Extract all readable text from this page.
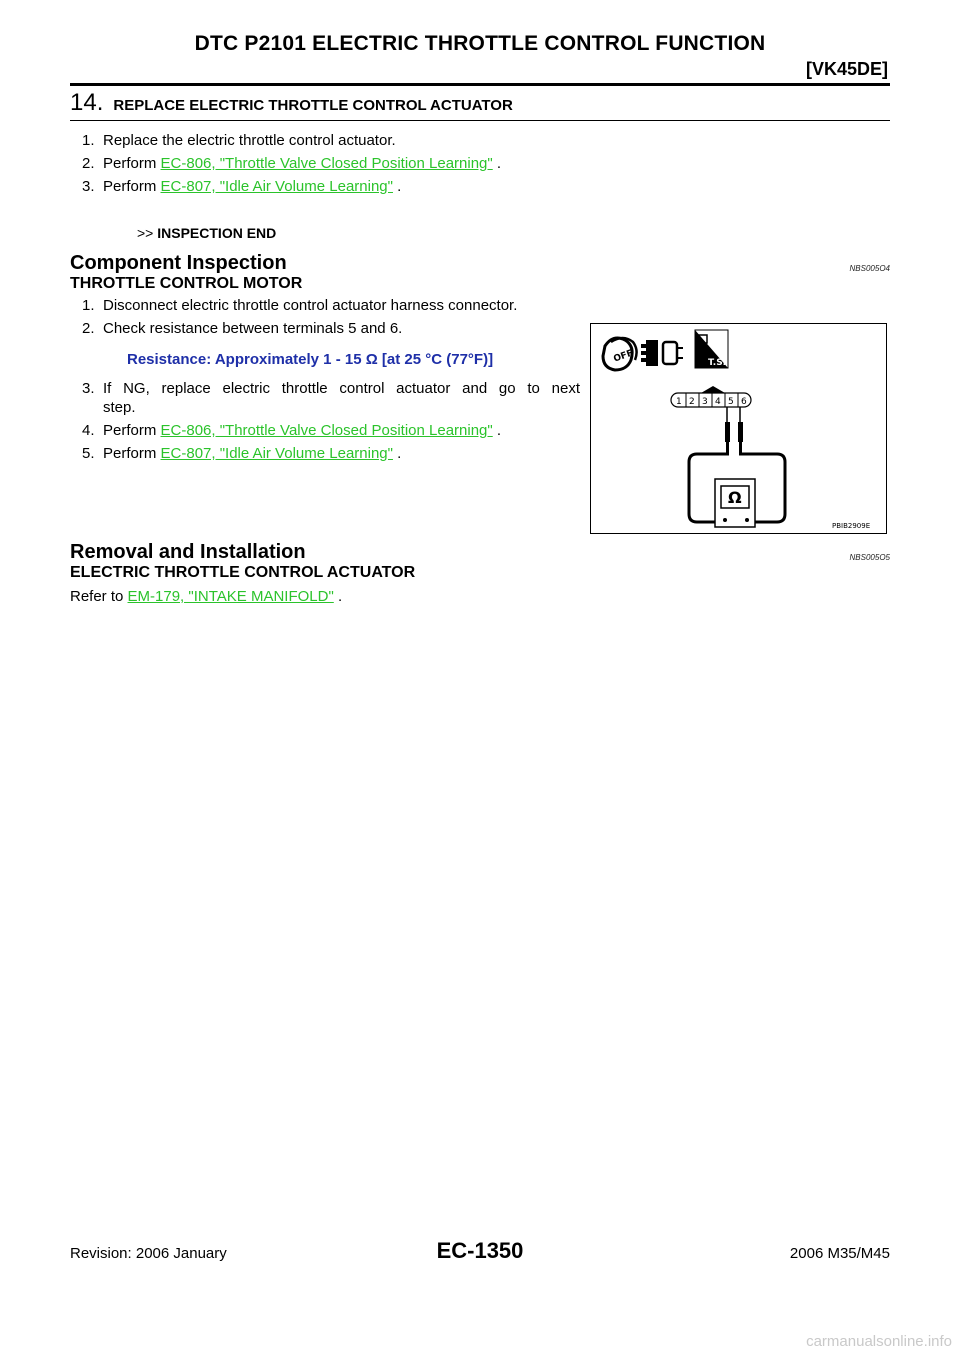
DTC P2101 ELECTRIC THROTTLE CONTROL FUNCTION
[VK45DE]
14. REPLACE ELECTRIC THROTTLE CONTROL ACTUATOR
1. Replace the electric throttle control actuator.
2. Perform EC-806, "Throttle Valve Closed Position Learning" .
3. Perform EC-807, "Idle Air Volume Learning" .
>> INSPECTION END
Component Inspection	NBS005O4
THROTTLE CONTROL MOTOR
1. Disconnect electric throttle control actuator harness connector.
2. Check resistance between terminals 5 and 6.
Resistance: Approximately 1 - 15 Ω [at 25 °C (77°F)]
3. If NG, replace electric throttle control actuator and go to next
step.
4. Perform EC-806, "Throttle Valve Closed Position Learning" .
5. Perform EC-807, "Idle Air Volume Learning" .
OFF	T.S.
1 2 3 4 5 6
Ω
PBIB2909E
Removal and Installation	NBS005O5
ELECTRIC THROTTLE CONTROL ACTUATOR
Refer to EM-179, "INTAKE MANIFOLD" .
Revision: 2006 January	EC-1350	2006 M35/M45
carmanualsonline.info
